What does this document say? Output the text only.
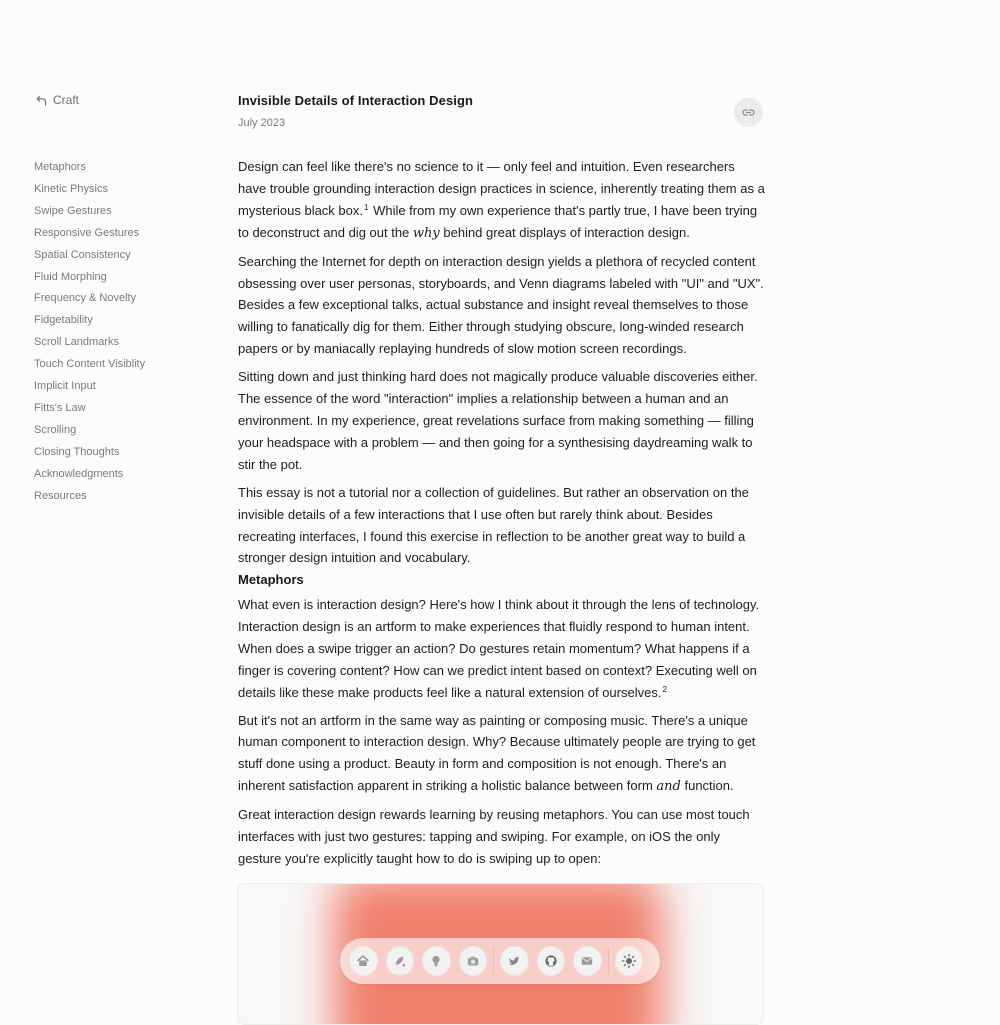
Craft
Metaphors
Kinetic Physics
Swipe Gestures
Responsive Gestures
Spatial Consistency
Fluid Morphing
Frequency & Novelty
Fidgetability
Scroll Landmarks
Touch Content Visiblity
Implicit Input
Fitts's Law
Scrolling
Closing Thoughts
Acknowledgments
Resources
Invisible Details of Interaction Design
July 2023

Design can feel like there's no science to it — only feel and intuition. Even researchers have trouble grounding interaction design practices in science, inherently treating them as a mysterious black box.$^1$ While from my own experience that's partly true, I have been trying to deconstruct and dig out the why behind great displays of interaction design.

Searching the Internet for depth on interaction design yields a plethora of recycled content obsessing over user personas, storyboards, and Venn diagrams labeled with "UI" and "UX". Besides a few exceptional talks, actual substance and insight reveal themselves to those willing to fanatically dig for them. Either through studying obscure, long-winded research papers or by maniacally replaying hundreds of slow motion screen recordings.

Sitting down and just thinking hard does not magically produce valuable discoveries either. The essence of the word "interaction" implies a relationship between a human and an environment. In my experience, great revelations surface from making something — filling your headspace with a problem — and then going for a synthesising daydreaming walk to stir the pot.

This essay is not a tutorial nor a collection of guidelines. But rather an observation on the invisible details of a few interactions that I use often but rarely think about. Besides recreating interfaces, I found this exercise in reflection to be another great way to build a stronger design intuition and vocabulary.

Metaphors

What even is interaction design? Here's how I think about it through the lens of technology. Interaction design is an artform to make experiences that fluidly respond to human intent. When does a swipe trigger an action? Do gestures retain momentum? What happens if a finger is covering content? How can we predict intent based on context? Executing well on details like these make products feel like a natural extension of ourselves.$^2$

But it's not an artform in the same way as painting or composing music. There's a unique human component to interaction design. Why? Because ultimately people are trying to get stuff done using a product. Beauty in form and composition is not enough. There's an inherent satisfaction apparent in striking a holistic balance between form and function.

Great interaction design rewards learning by reusing metaphors. You can use most touch interfaces with just two gestures: tapping and swiping. For example, on iOS the only gesture you're explicitly taught how to do is swiping up to open:
